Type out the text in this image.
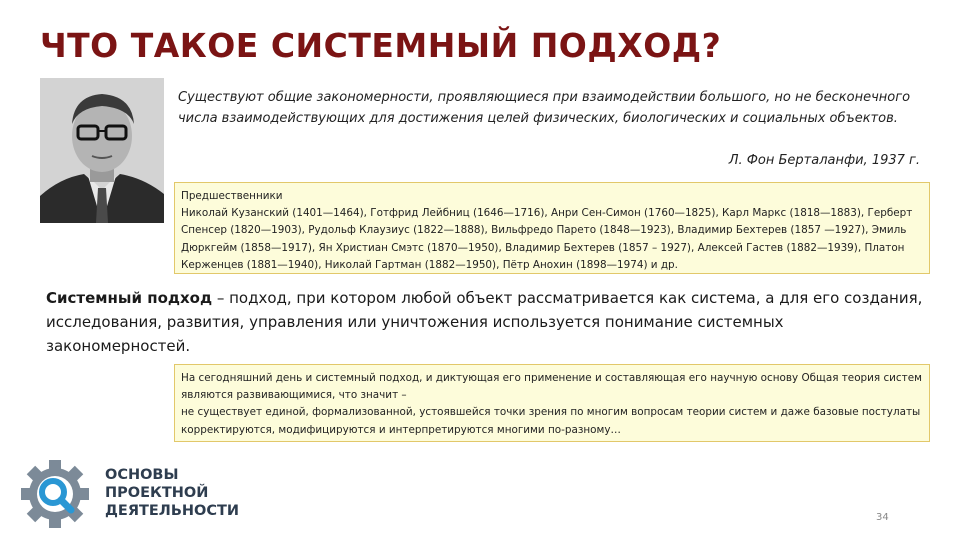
ЧТО ТАКОЕ СИСТЕМНЫЙ ПОДХОД?
Существуют общие закономерности, проявляющиеся при взаимодействии большого, но не бесконечного числа взаимодействующих для достижения целей физических, биологических и социальных объектов.
Л. Фон Берталанфи, 1937 г.
Предшественники
Николай Кузанский (1401—1464), Готфрид Лейбниц (1646—1716), Анри Сен-Симон (1760—1825), Карл Маркс (1818—1883), Герберт Спенсер (1820—1903), Рудольф Клаузиус (1822—1888), Вильфредо Парето (1848—1923), Владимир Бехтерев (1857 —1927), Эмиль Дюркгейм (1858—1917), Ян Христиан Смэтс (1870—1950), Владимир Бехтерев (1857 – 1927), Алексей Гастев (1882—1939), Платон Керженцев (1881—1940), Николай Гартман (1882—1950), Пётр Анохин (1898—1974) и др.
Системный подход – подход, при котором любой объект рассматривается как система, а для его создания, исследования, развития, управления или уничтожения используется понимание системных закономерностей.
На сегодняшний день и системный подход, и диктующая его применение и составляющая его научную основу Общая теория систем являются развивающимися, что значит –
не существует единой, формализованной, устоявшейся точки зрения по многим вопросам теории систем и даже базовые постулаты корректируются, модифицируются и интерпретируются многими по-разному…
ОСНОВЫ
ПРОЕКТНОЙ
ДЕЯТЕЛЬНОСТИ	34
